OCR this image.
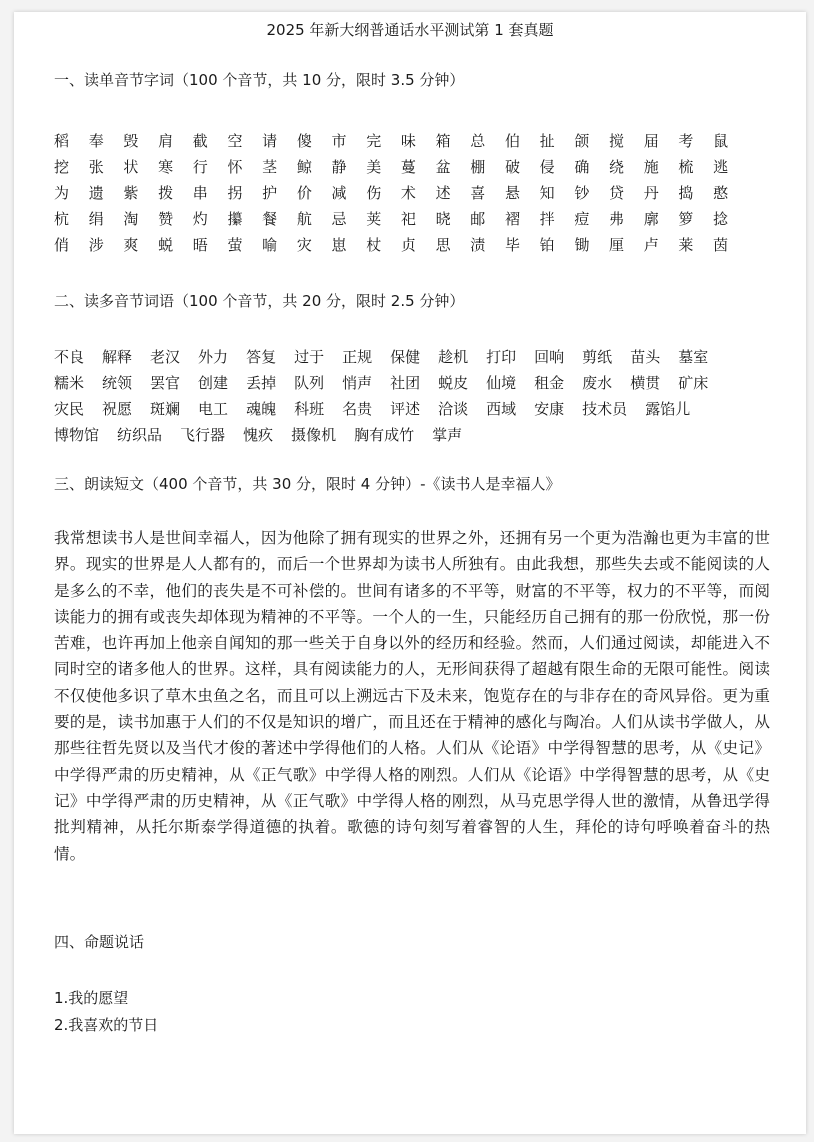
2025 年新大纲普通话水平测试第 1 套真题
一、读单音节字词（100 个音节，共 10 分，限时 3.5 分钟）
稻	奉	毁	肩	截	空	请	傻	市	完	味	箱	总	伯	扯	颌	搅	届	考	鼠
挖	张	状	寒	行	怀	茎	鲸	静	美	蔓	盆	棚	破	侵	确	绕	施	梳	逃
为	遗	紫	拨	串	拐	护	价	减	伤	术	述	喜	悬	知	钞	贷	丹	捣	憨
杭	绢	淘	赞	灼	攥	餐	航	忌	荚	祀	晓	邮	褶	拌	痘	弗	廓	箩	捻
俏	涉	爽	蜕	晤	萤	喻	灾	崽	杖	贞	思	渍	毕	铂	锄	厘	卢	莱	茵
二、读多音节词语（100 个音节，共 20 分，限时 2.5 分钟）
不良 解释 老汉 外力 答复 过于 正规 保健 趁机 打印 回响 剪纸 苗头 墓室
糯米 统领 罢官 创建 丢掉 队列 悄声 社团 蜕皮 仙境 租金 废水 横贯 矿床
灾民 祝愿 斑斓 电工 魂魄 科班 名贵 评述 洽谈 西域 安康 技术员 露馅儿
博物馆 纺织品 飞行器 愧疚 摄像机 胸有成竹 掌声
三、朗读短文（400 个音节，共 30 分，限时 4 分钟）-《读书人是幸福人》
我常想读书人是世间幸福人，因为他除了拥有现实的世界之外，还拥有另一个更为浩瀚也更为丰富的世界。现实的世界是人人都有的，而后一个世界却为读书人所独有。由此我想，那些失去或不能阅读的人是多么的不幸，他们的丧失是不可补偿的。世间有诸多的不平等，财富的不平等，权力的不平等，而阅读能力的拥有或丧失却体现为精神的不平等。一个人的一生，只能经历自己拥有的那一份欣悦，那一份苦难，也许再加上他亲自闻知的那一些关于自身以外的经历和经验。然而，人们通过阅读，却能进入不同时空的诸多他人的世界。这样，具有阅读能力的人，无形间获得了超越有限生命的无限可能性。阅读不仅使他多识了草木虫鱼之名，而且可以上溯远古下及未来，饱览存在的与非存在的奇风异俗。更为重要的是，读书加惠于人们的不仅是知识的增广，而且还在于精神的感化与陶冶。人们从读书学做人，从那些往哲先贤以及当代才俊的著述中学得他们的人格。人们从《论语》中学得智慧的思考，从《史记》中学得严肃的历史精神，从《正气歌》中学得人格的刚烈。人们从《论语》中学得智慧的思考，从《史记》中学得严肃的历史精神，从《正气歌》中学得人格的刚烈，从马克思学得人世的激情，从鲁迅学得批判精神，从托尔斯泰学得道德的执着。歌德的诗句刻写着睿智的人生，拜伦的诗句呼唤着奋斗的热情。
四、命题说话
1.我的愿望
2.我喜欢的节日
